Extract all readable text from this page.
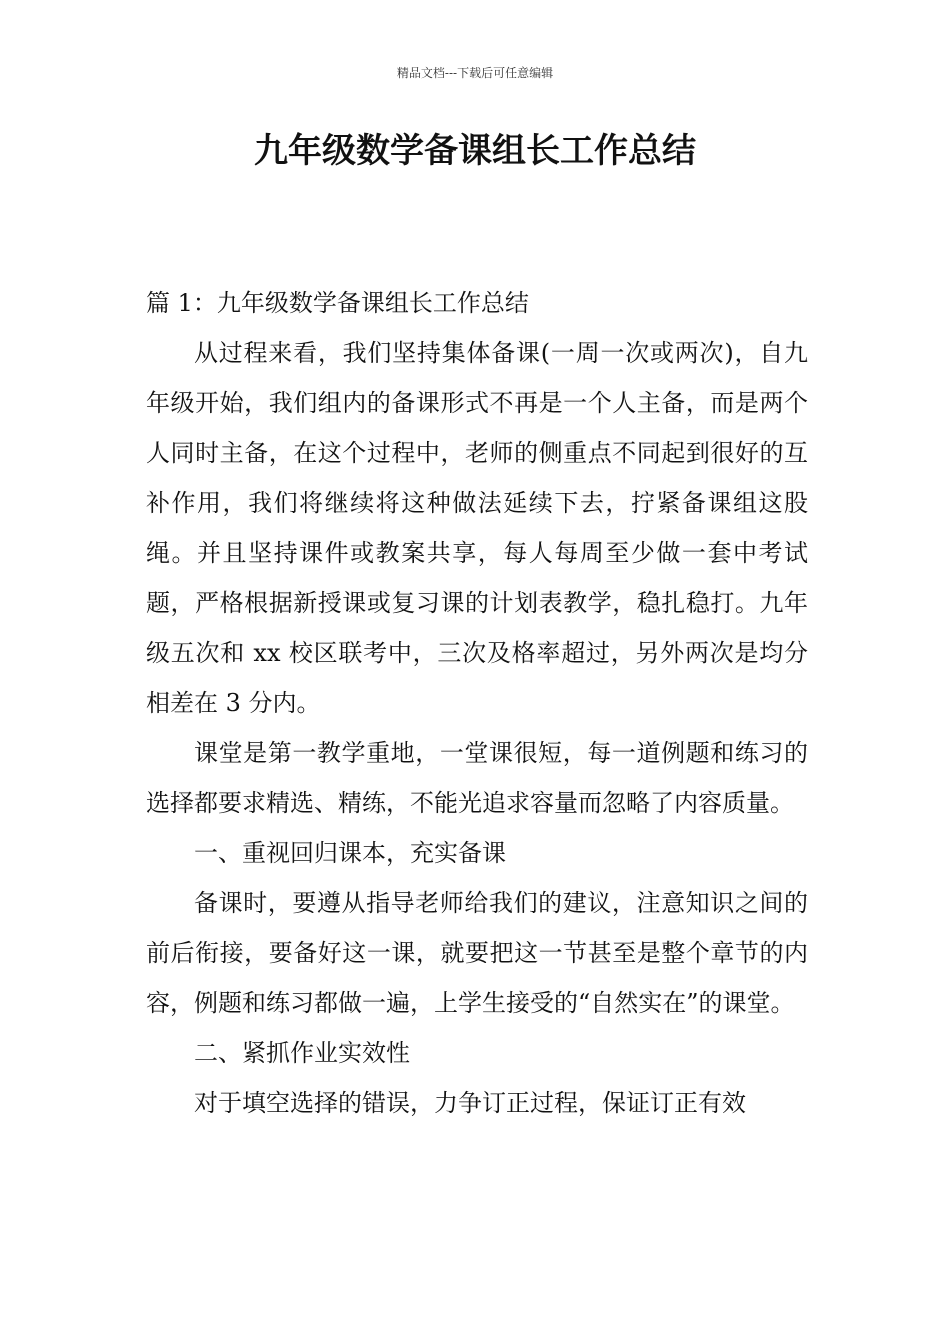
精品文档---下载后可任意编辑
九年级数学备课组长工作总结

篇 1：九年级数学备课组长工作总结

从过程来看，我们坚持集体备课(一周一次或两次)，自九年级开始，我们组内的备课形式不再是一个人主备，而是两个人同时主备，在这个过程中，老师的侧重点不同起到很好的互补作用，我们将继续将这种做法延续下去，拧紧备课组这股绳。并且坚持课件或教案共享，每人每周至少做一套中考试题，严格根据新授课或复习课的计划表教学，稳扎稳打。九年级五次和 xx 校区联考中，三次及格率超过，另外两次是均分相差在 3 分内。

课堂是第一教学重地，一堂课很短，每一道例题和练习的选择都要求精选、精练，不能光追求容量而忽略了内容质量。

一、重视回归课本，充实备课

备课时，要遵从指导老师给我们的建议，注意知识之间的前后衔接，要备好这一课，就要把这一节甚至是整个章节的内容，例题和练习都做一遍，上学生接受的“自然实在”的课堂。

二、紧抓作业实效性

对于填空选择的错误，力争订正过程，保证订正有效
